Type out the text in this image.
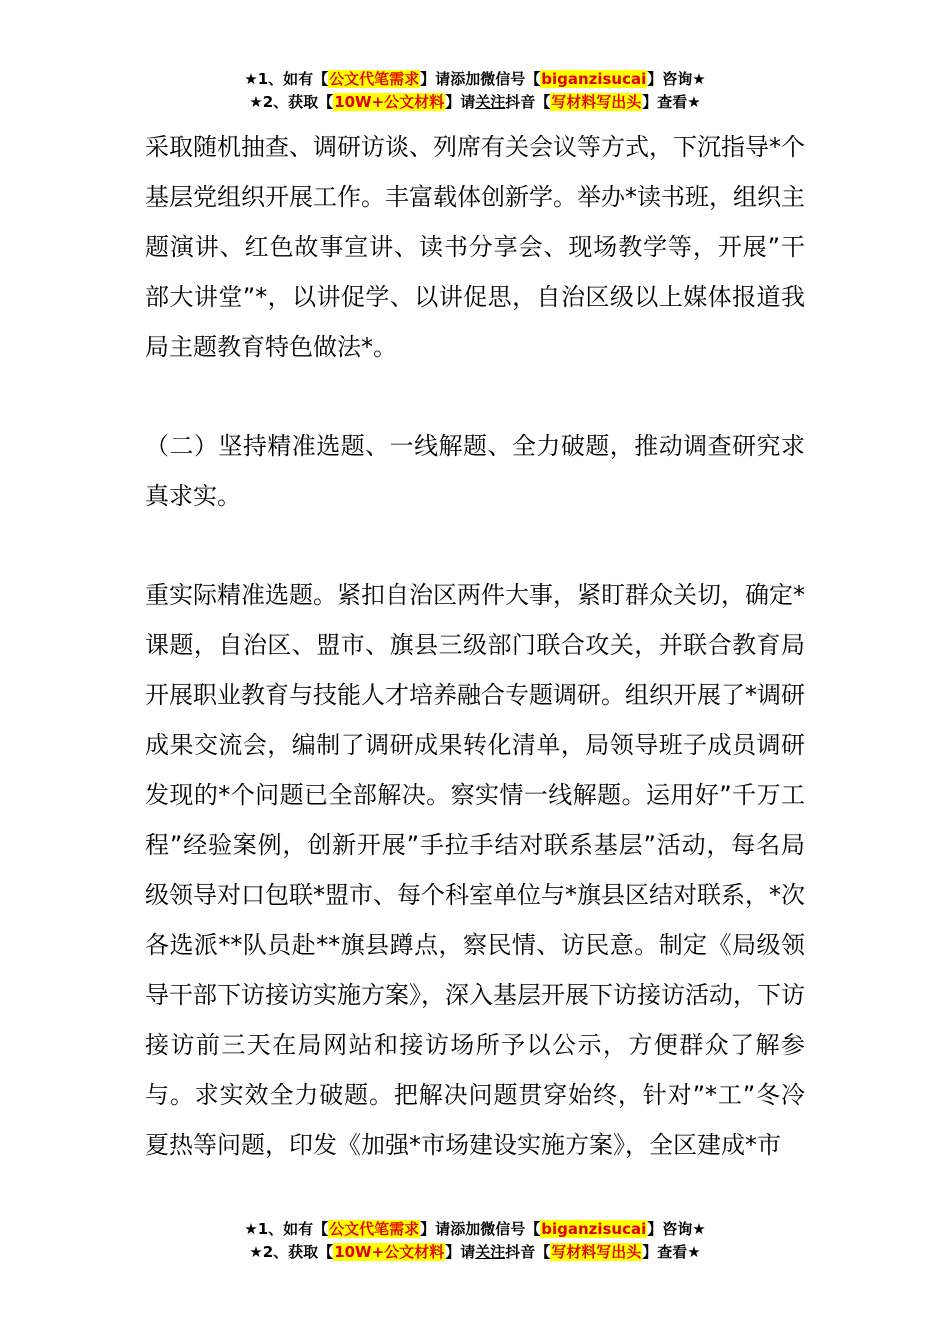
★1、如有【公文代笔需求】请添加微信号【biganzisucai】咨询★
★2、获取【10W+公文材料】请关注抖音【写材料写出头】查看★
采取随机抽查、调研访谈、列席有关会议等方式，下沉指导*个基层党组织开展工作。丰富载体创新学。举办*读书班，组织主题演讲、红色故事宣讲、读书分享会、现场教学等，开展”干部大讲堂”*，以讲促学、以讲促思，自治区级以上媒体报道我局主题教育特色做法*。
（二）坚持精准选题、一线解题、全力破题，推动调查研究求真求实。
重实际精准选题。紧扣自治区两件大事，紧盯群众关切，确定*课题，自治区、盟市、旗县三级部门联合攻关，并联合教育局开展职业教育与技能人才培养融合专题调研。组织开展了*调研成果交流会，编制了调研成果转化清单，局领导班子成员调研发现的*个问题已全部解决。察实情一线解题。运用好”千万工程”经验案例，创新开展”手拉手结对联系基层”活动，每名局级领导对口包联*盟市、每个科室单位与*旗县区结对联系，*次各选派**队员赴**旗县蹲点，察民情、访民意。制定《局级领导干部下访接访实施方案》，深入基层开展下访接访活动，下访接访前三天在局网站和接访场所予以公示，方便群众了解参与。求实效全力破题。把解决问题贯穿始终，针对”*工”冬冷夏热等问题，印发《加强*市场建设实施方案》，全区建成*市
★1、如有【公文代笔需求】请添加微信号【biganzisucai】咨询★
★2、获取【10W+公文材料】请关注抖音【写材料写出头】查看★
